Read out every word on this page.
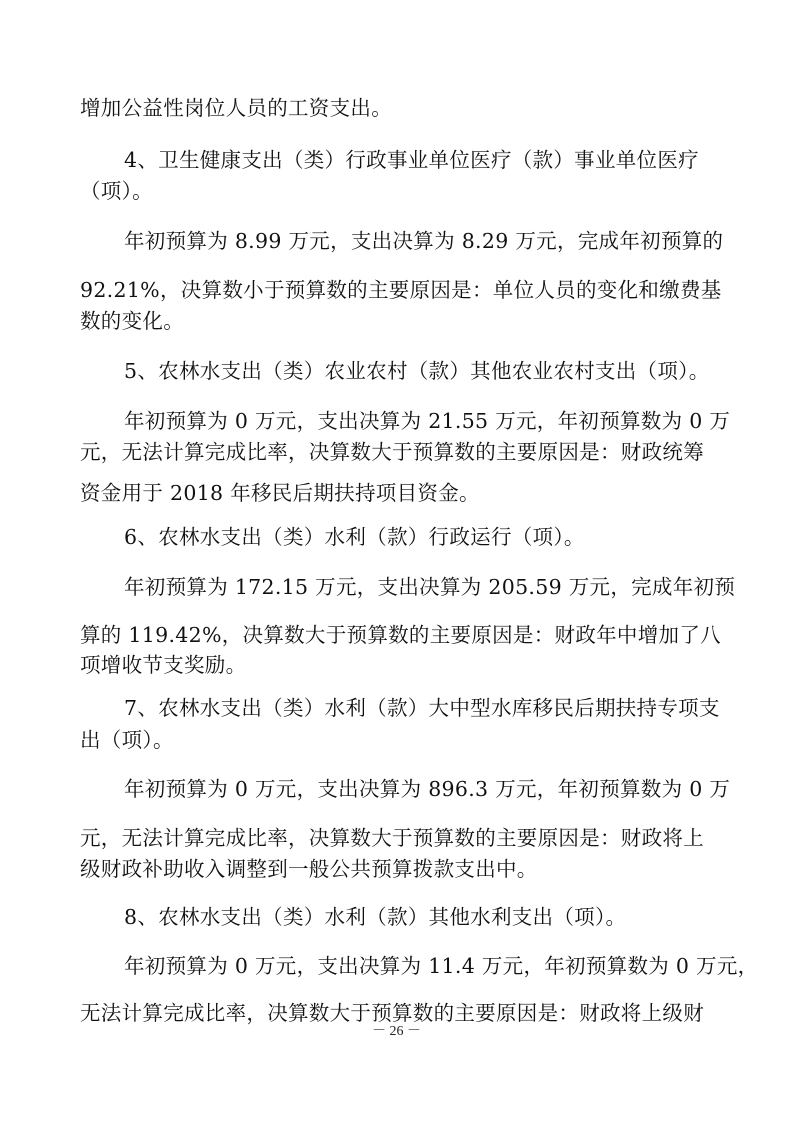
增加公益性岗位人员的工资支出。
4、卫生健康支出（类）行政事业单位医疗（款）事业单位医疗
（项）。
年初预算为 8.99 万元，支出决算为 8.29 万元，完成年初预算的
92.21%，决算数小于预算数的主要原因是：单位人员的变化和缴费基
数的变化。
5、农林水支出（类）农业农村（款）其他农业农村支出（项）。
年初预算为 0 万元，支出决算为 21.55 万元，年初预算数为 0 万
元，无法计算完成比率，决算数大于预算数的主要原因是：财政统筹
资金用于 2018 年移民后期扶持项目资金。
6、农林水支出（类）水利（款）行政运行（项）。
年初预算为 172.15 万元，支出决算为 205.59 万元，完成年初预
算的 119.42%，决算数大于预算数的主要原因是：财政年中增加了八
项增收节支奖励。
7、农林水支出（类）水利（款）大中型水库移民后期扶持专项支
出（项）。
年初预算为 0 万元，支出决算为 896.3 万元，年初预算数为 0 万
元，无法计算完成比率，决算数大于预算数的主要原因是：财政将上
级财政补助收入调整到一般公共预算拨款支出中。
8、农林水支出（类）水利（款）其他水利支出（项）。
年初预算为 0 万元，支出决算为 11.4 万元，年初预算数为 0 万元，
无法计算完成比率，决算数大于预算数的主要原因是：财政将上级财
－ 26 －
